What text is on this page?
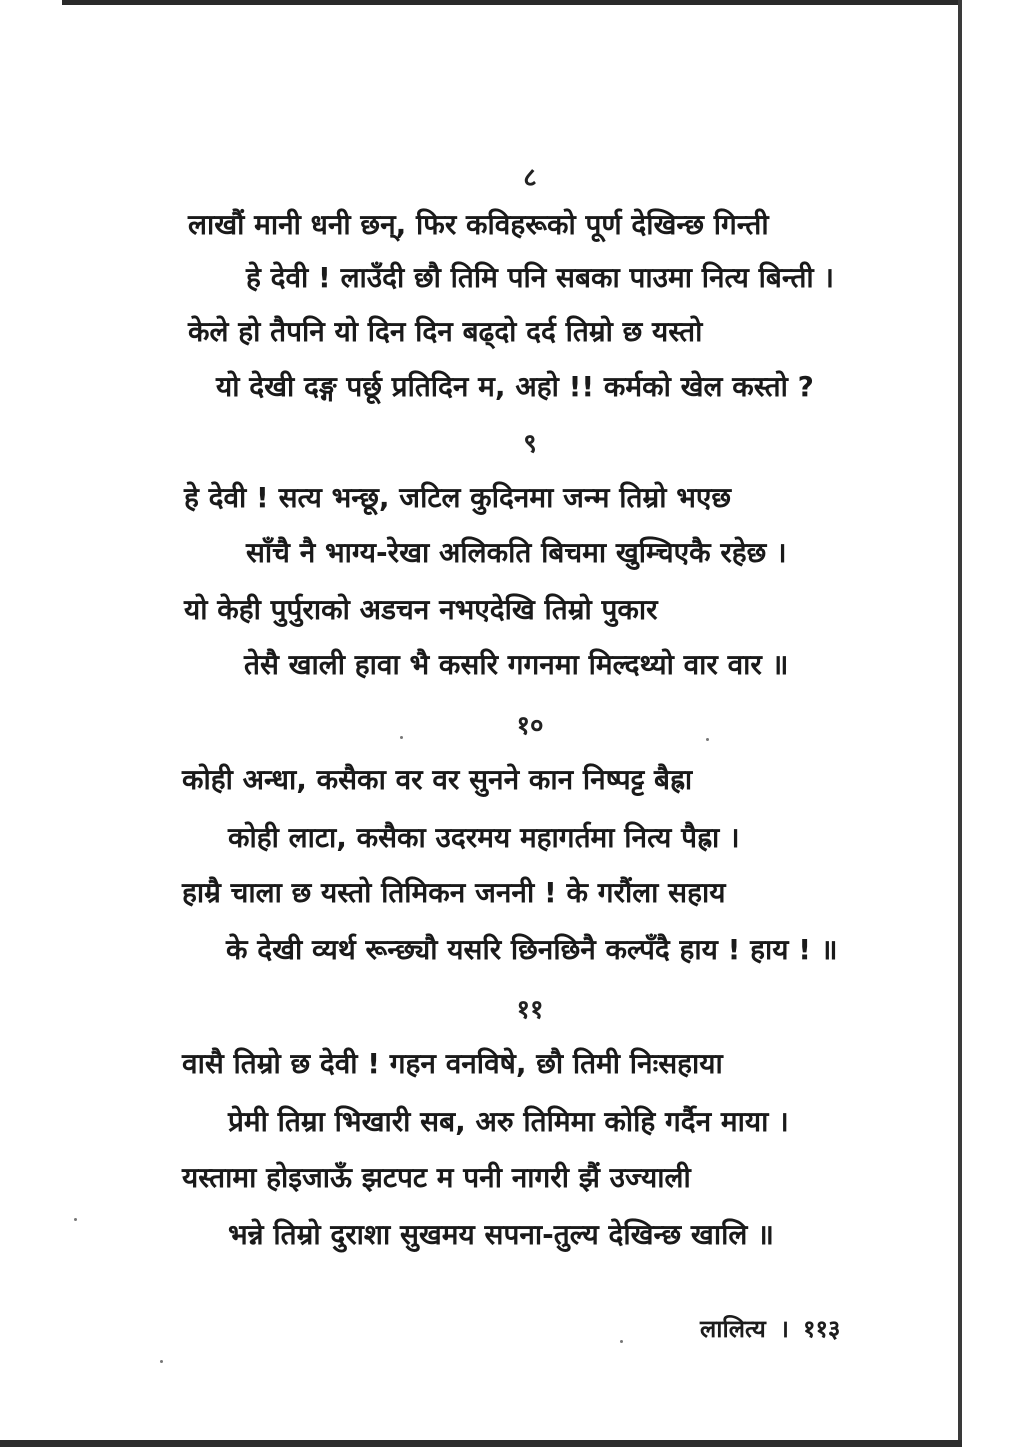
८
लाखौं मानी धनी छन्, फिर कविहरूको पूर्ण देखिन्छ गिन्ती
हे देवी ! लाउँदी छौ तिमि पनि सबका पाउमा नित्य बिन्ती ।
केले हो तैपनि यो दिन दिन बढ्दो दर्द तिम्रो छ यस्तो
यो देखी दङ्ग पर्छू प्रतिदिन म, अहो !! कर्मको खेल कस्तो ?
९
हे देवी ! सत्य भन्छू, जटिल कुदिनमा जन्म तिम्रो भएछ
साँचै नै भाग्य-रेखा अलिकति बिचमा खुम्चिएकै रहेछ ।
यो केही पुर्पुराको अडचन नभएदेखि तिम्रो पुकार
तेसै खाली हावा भै कसरि गगनमा मिल्दथ्यो वार वार ॥
१०
कोही अन्धा, कसैका वर वर सुनने कान निष्पट्ट बैह्रा
कोही लाटा, कसैका उदरमय महागर्तमा नित्य पैह्रा ।
हाम्रै चाला छ यस्तो तिमिकन जननी ! के गरौंला सहाय
के देखी व्यर्थ रून्छ्यौ यसरि छिनछिनै कल्पँदै हाय ! हाय ! ॥
११
वासै तिम्रो छ देवी ! गहन वनविषे, छौ तिमी निःसहाया
प्रेमी तिम्रा भिखारी सब, अरु तिमिमा कोहि गर्दैन माया ।
यस्तामा होइजाऊँ झटपट म पनी नागरी झैं उज्याली
भन्ने तिम्रो दुराशा सुखमय सपना-तुल्य देखिन्छ खालि ॥
लालित्य । ११३
